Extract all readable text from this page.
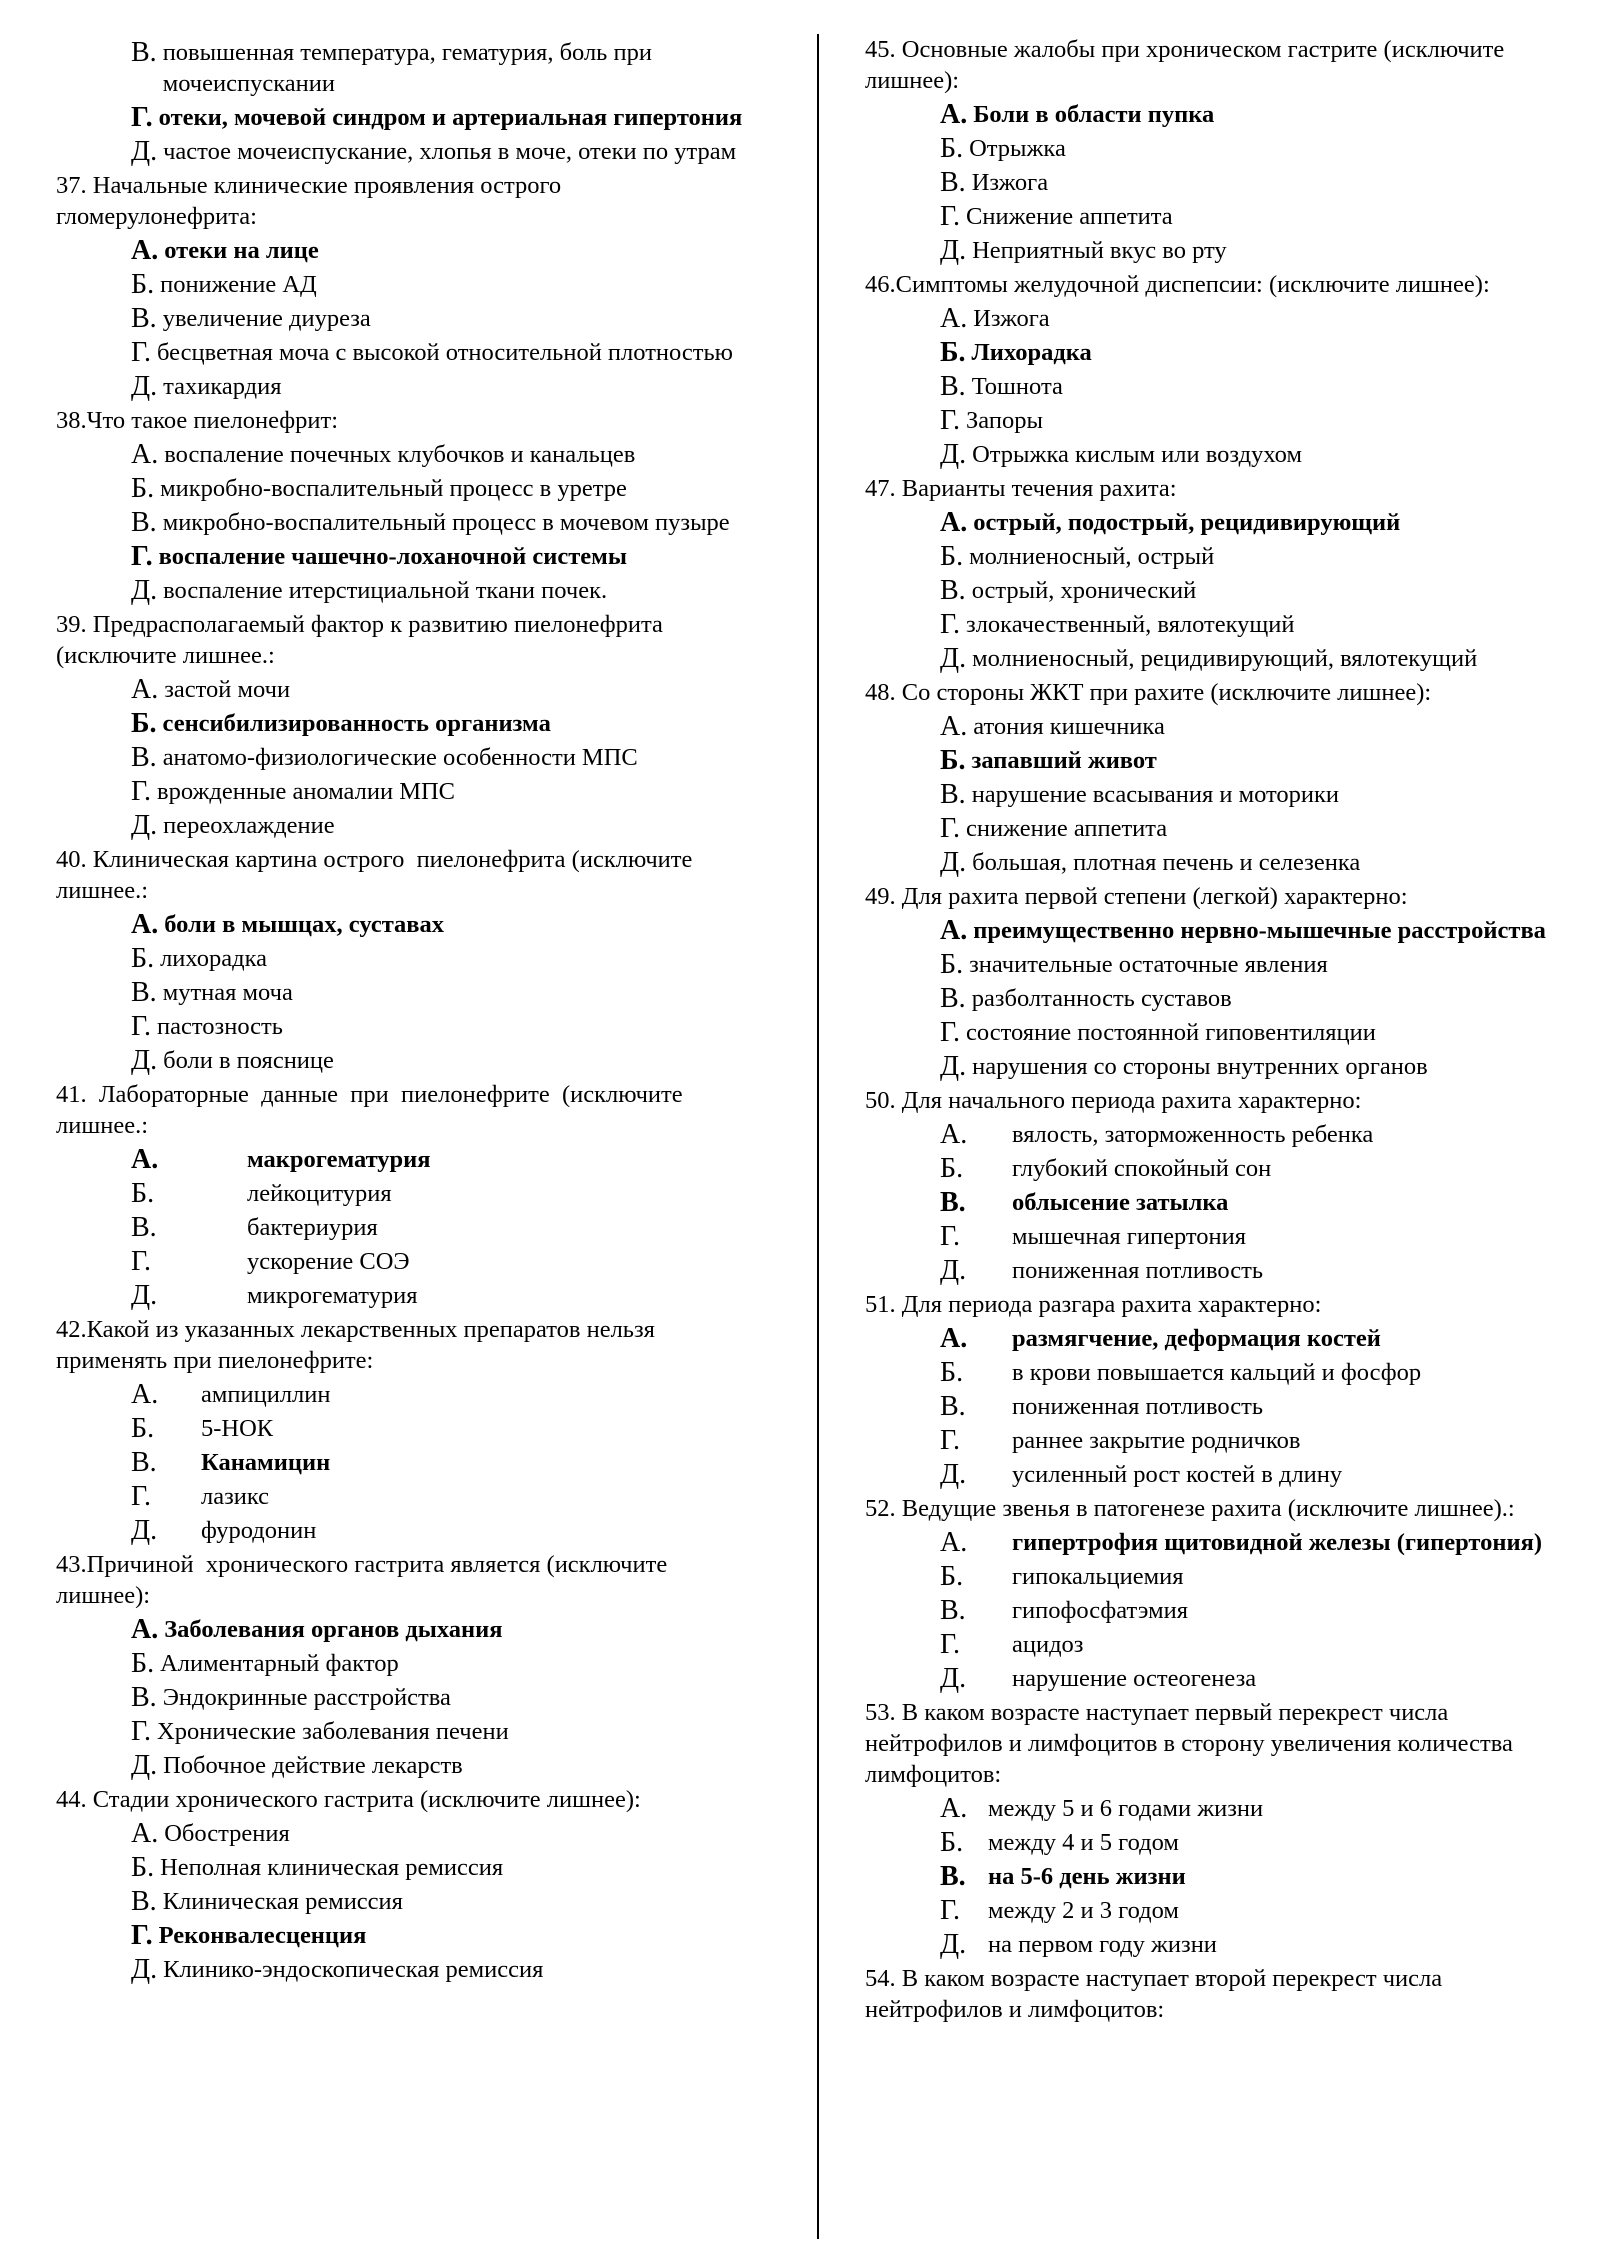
В. повышенная температура, гематурия, боль при мочеиспускании
Г. отеки, мочевой синдром и артериальная гипертония
Д. частое мочеиспускание, хлопья в моче, отеки по утрам
37. Начальные клинические проявления острого гломерулонефрита:
А. отеки на лице
Б. понижение АД
В. увеличение диуреза
Г. бесцветная моча с высокой относительной плотностью
Д. тахикардия
38.Что такое пиелонефрит:
А. воспаление почечных клубочков и канальцев
Б. микробно-воспалительный процесс в уретре
В. микробно-воспалительный процесс в мочевом пузыре
Г. воспаление чашечно-лоханочной системы
Д. воспаление итерстициальной ткани почек.
39. Предрасполагаемый фактор к развитию пиелонефрита (исключите лишнее.:
А. застой мочи
Б. сенсибилизированность организма
В. анатомо-физиологические особенности МПС
Г. врожденные аномалии МПС
Д. переохлаждение
40. Клиническая картина острого  пиелонефрита (исключите лишнее.:
А. боли в мышцах, суставах
Б. лихорадка
В. мутная моча
Г. пастозность
Д. боли в пояснице
41.  Лабораторные  данные  при  пиелонефрите  (исключите лишнее.:
А.	макрогематурия
Б.	лейкоцитурия
В.	бактериурия
Г.	ускорение СОЭ
Д.	микрогематурия
42.Какой из указанных лекарственных препаратов нельзя применять при пиелонефрите:
А.	ампициллин
Б.	5-НОК
В.	Канамицин
Г.	лазикс
Д.	фуродонин
43.Причиной  хронического гастрита является (исключите лишнее):
А. Заболевания органов дыхания
Б. Алиментарный фактор
В. Эндокринные расстройства
Г. Хронические заболевания печени
Д. Побочное действие лекарств
44. Стадии хронического гастрита (исключите лишнее):
А. Обострения
Б. Неполная клиническая ремиссия
В. Клиническая ремиссия
Г. Реконвалесценция
Д. Клинико-эндоскопическая ремиссия
45. Основные жалобы при хроническом гастрите (исключите лишнее):
А. Боли в области пупка
Б. Отрыжка
В. Изжога
Г. Снижение аппетита
Д. Неприятный вкус во рту
46.Симптомы желудочной диспепсии: (исключите лишнее):
А. Изжога
Б. Лихорадка
В. Тошнота
Г. Запоры
Д. Отрыжка кислым или воздухом
47. Варианты течения рахита:
А. острый, подострый, рецидивирующий
Б. молниеносный, острый
В. острый, хронический
Г. злокачественный, вялотекущий
Д. молниеносный, рецидивирующий, вялотекущий
48. Со стороны ЖКТ при рахите (исключите лишнее):
А. атония кишечника
Б. запавший живот
В. нарушение всасывания и моторики
Г. снижение аппетита
Д. большая, плотная печень и селезенка
49. Для рахита первой степени (легкой) характерно:
А. преимущественно нервно-мышечные расстройства
Б. значительные остаточные явления
В. разболтанность суставов
Г. состояние постоянной гиповентиляции
Д. нарушения со стороны внутренних органов
50. Для начального периода рахита характерно:
А.	вялость, заторможенность ребенка
Б.	глубокий спокойный сон
В.	облысение затылка
Г.	мышечная гипертония
Д.	пониженная потливость
51. Для периода разгара рахита характерно:
А.	размягчение, деформация костей
Б.	в крови повышается кальций и фосфор
В.	пониженная потливость
Г.	раннее закрытие родничков
Д.	усиленный рост костей в длину
52. Ведущие звенья в патогенезе рахита (исключите лишнее).:
А.	гипертрофия щитовидной железы (гипертония)
Б.	гипокальциемия
В.	гипофосфатэмия
Г.	ацидоз
Д.	нарушение остеогенеза
53. В каком возрасте наступает первый перекрест числа нейтрофилов и лимфоцитов в сторону увеличения количества лимфоцитов:
А. между 5 и 6 годами жизни
Б.	между 4 и 5 годом
В. на 5-6 день жизни
Г.	между 2 и 3 годом
Д. на первом году жизни
54. В каком возрасте наступает второй перекрест числа нейтрофилов и лимфоцитов:
